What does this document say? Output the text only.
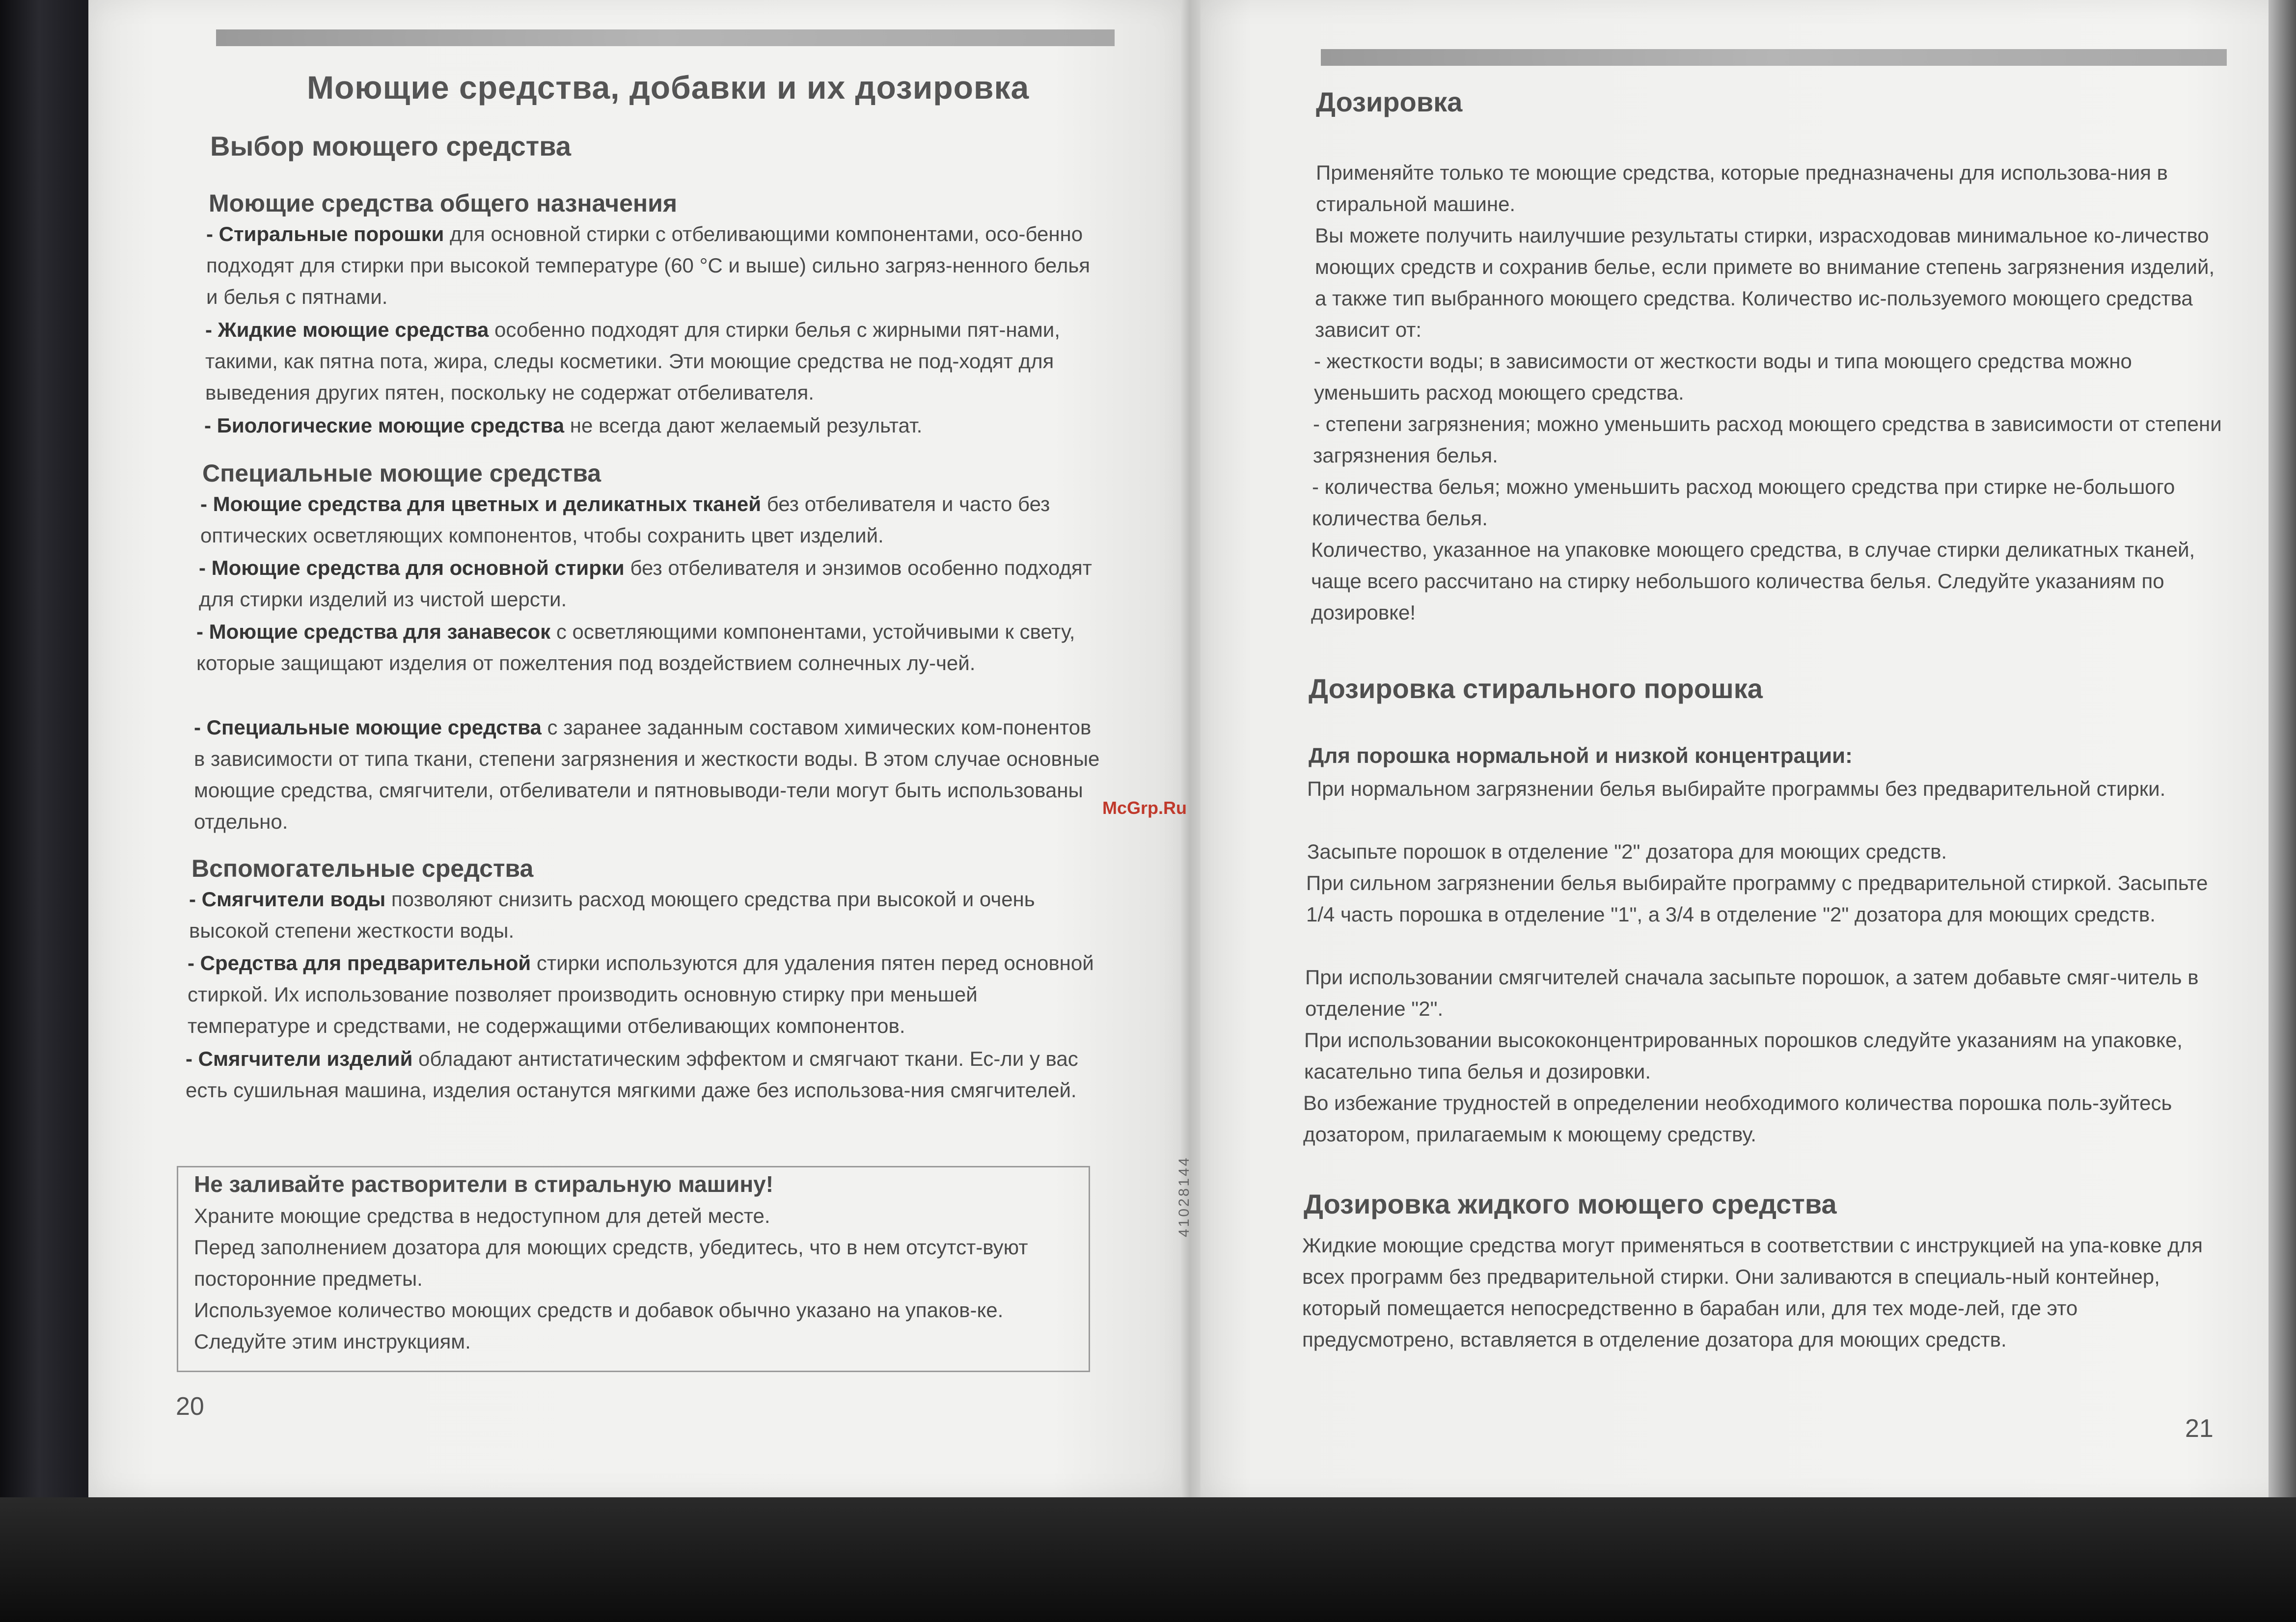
Моющие средства, добавки и их дозировка
Выбор моющего средства
Моющие средства общего назначения

- Стиральные порошки для основной стирки с отбеливающими компонентами, осо-бенно подходят для стирки при высокой температуре (60 °C и выше) сильно загряз-ненного белья и белья с пятнами.

- Жидкие моющие средства особенно подходят для стирки белья с жирными пят-нами, такими, как пятна пота, жира, следы косметики. Эти моющие средства не под-ходят для выведения других пятен, поскольку не содержат отбеливателя.

- Биологические моющие средства не всегда дают желаемый результат.

Специальные моющие средства

- Моющие средства для цветных и деликатных тканей без отбеливателя и часто без оптических осветляющих компонентов, чтобы сохранить цвет изделий.

- Моющие средства для основной стирки без отбеливателя и энзимов особенно подходят для стирки изделий из чистой шерсти.

- Моющие средства для занавесок с осветляющими компонентами, устойчивыми к свету, которые защищают изделия от пожелтения под воздействием солнечных лу-чей.

- Специальные моющие средства с заранее заданным составом химических ком-понентов в зависимости от типа ткани, степени загрязнения и жесткости воды. В этом случае основные моющие средства, смягчители, отбеливатели и пятновыводи-тели могут быть использованы отдельно.

Вспомогательные средства

- Смягчители воды позволяют снизить расход моющего средства при высокой и очень высокой степени жесткости воды.

- Средства для предварительной стирки используются для удаления пятен перед основной стиркой. Их использование позволяет производить основную стирку при меньшей температуре и средствами, не содержащими отбеливающих компонентов.

- Смягчители изделий обладают антистатическим эффектом и смягчают ткани. Ес-ли у вас есть сушильная машина, изделия останутся мягкими даже без использова-ния смягчителей.

Не заливайте растворители в стиральную машину!

Храните моющие средства в недоступном для детей месте.

Перед заполнением дозатора для моющих средств, убедитесь, что в нем отсутст-вуют посторонние предметы.

Используемое количество моющих средств и добавок обычно указано на упаков-ке. Следуйте этим инструкциям.

20

McGrp.Ru

41028144
Дозировка

Применяйте только те моющие средства, которые предназначены для использова-ния в стиральной машине.

Вы можете получить наилучшие результаты стирки, израсходовав минимальное ко-личество моющих средств и сохранив белье, если примете во внимание степень загрязнения изделий, а также тип выбранного моющего средства. Количество ис-пользуемого моющего средства зависит от:

- жесткости воды; в зависимости от жесткости воды и типа моющего средства можно уменьшить расход моющего средства.

- степени загрязнения; можно уменьшить расход моющего средства в зависимости от степени загрязнения белья.

- количества белья; можно уменьшить расход моющего средства при стирке не-большого количества белья.

Количество, указанное на упаковке моющего средства, в случае стирки деликатных тканей, чаще всего рассчитано на стирку небольшого количества белья. Следуйте указаниям по дозировке!

Дозировка стирального порошка

Для порошка нормальной и низкой концентрации:

При нормальном загрязнении белья выбирайте программы без предварительной стирки.

Засыпьте порошок в отделение "2" дозатора для моющих средств.

При сильном загрязнении белья выбирайте программу с предварительной стиркой. Засыпьте 1/4 часть порошка в отделение "1", а 3/4 в отделение "2" дозатора для моющих средств.

При использовании смягчителей сначала засыпьте порошок, а затем добавьте смяг-читель в отделение "2".

При использовании высококонцентрированных порошков следуйте указаниям на упаковке, касательно типа белья и дозировки.

Во избежание трудностей в определении необходимого количества порошка поль-зуйтесь дозатором, прилагаемым к моющему средству.

Дозировка жидкого моющего средства

Жидкие моющие средства могут применяться в соответствии с инструкцией на упа-ковке для всех программ без предварительной стирки. Они заливаются в специаль-ный контейнер, который помещается непосредственно в барабан или, для тех моде-лей, где это предусмотрено, вставляется в отделение дозатора для моющих средств.

21
